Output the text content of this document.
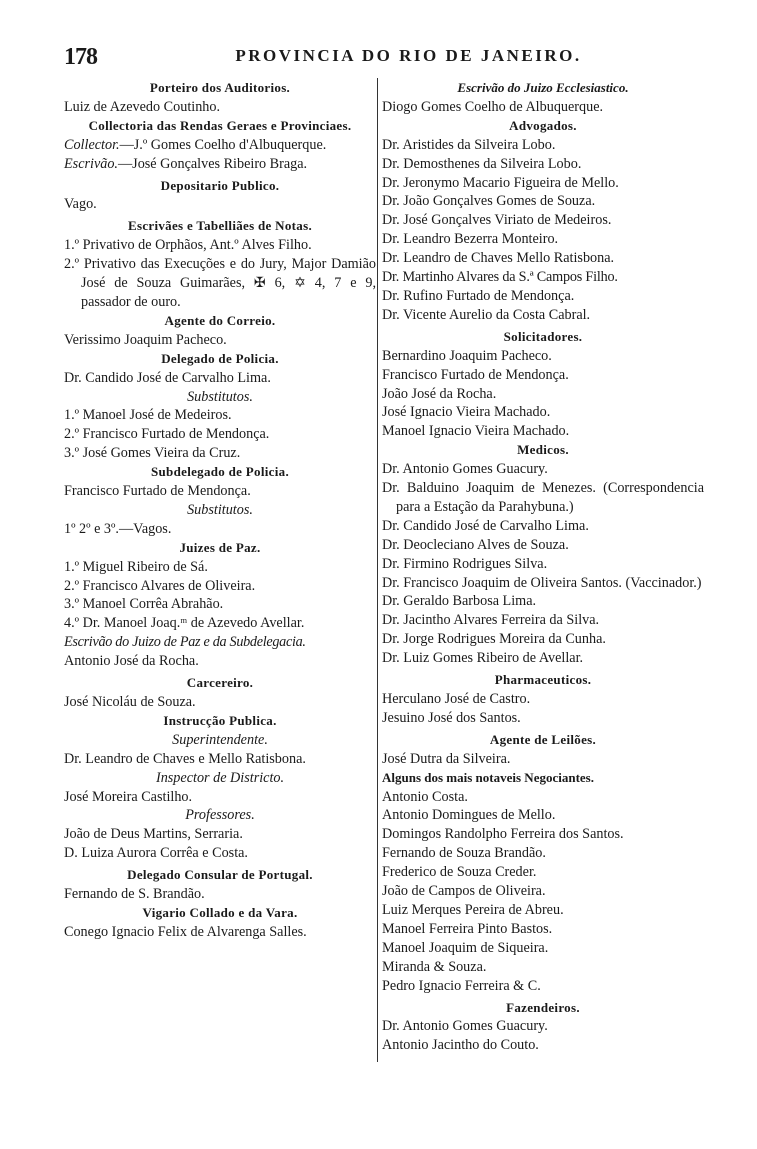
178	PROVINCIA DO RIO DE JANEIRO.
Porteiro dos Auditorios.
Luiz de Azevedo Coutinho.
Collectoria das Rendas Geraes e Provinciaes.
Collector.—J.º Gomes Coelho d'Albuquerque.
Escrivão.—José Gonçalves Ribeiro Braga.
Depositario Publico.
Vago.
Escrivães e Tabelliães de Notas.
1.º Privativo de Orphãos, Ant.º Alves Filho.
2.º Privativo das Execuções e do Jury, Major Damião José de Souza Guimarães, ✠ 6, ✡ 4, 7 e 9, passador de ouro.
Agente do Correio.
Verissimo Joaquim Pacheco.
Delegado de Policia.
Dr. Candido José de Carvalho Lima.
Substitutos.
1.º Manoel José de Medeiros.
2.º Francisco Furtado de Mendonça.
3.º José Gomes Vieira da Cruz.
Subdelegado de Policia.
Francisco Furtado de Mendonça.
Substitutos.
1º 2º e 3º.—Vagos.
Juizes de Paz.
1.º Miguel Ribeiro de Sá.
2.º Francisco Alvares de Oliveira.
3.º Manoel Corrêa Abrahão.
4.º Dr. Manoel Joaq.ᵐ de Azevedo Avellar.
Escrivão do Juizo de Paz e da Subdelegacia.
Antonio José da Rocha.
Carcereiro.
José Nicoláu de Souza.
Instrucção Publica.
Superintendente.
Dr. Leandro de Chaves e Mello Ratisbona.
Inspector de Districto.
José Moreira Castilho.
Professores.
João de Deus Martins, Serraria.
D. Luiza Aurora Corrêa e Costa.
Delegado Consular de Portugal.
Fernando de S. Brandão.
Vigario Collado e da Vara.
Conego Ignacio Felix de Alvarenga Salles.
Escrivão do Juizo Ecclesiastico.
Diogo Gomes Coelho de Albuquerque.
Advogados.
Dr. Aristides da Silveira Lobo.
Dr. Demosthenes da Silveira Lobo.
Dr. Jeronymo Macario Figueira de Mello.
Dr. João Gonçalves Gomes de Souza.
Dr. José Gonçalves Viriato de Medeiros.
Dr. Leandro Bezerra Monteiro.
Dr. Leandro de Chaves Mello Ratisbona.
Dr. Martinho Alvares da S.ª Campos Filho.
Dr. Rufino Furtado de Mendonça.
Dr. Vicente Aurelio da Costa Cabral.
Solicitadores.
Bernardino Joaquim Pacheco.
Francisco Furtado de Mendonça.
João José da Rocha.
José Ignacio Vieira Machado.
Manoel Ignacio Vieira Machado.
Medicos.
Dr. Antonio Gomes Guacury.
Dr. Balduino Joaquim de Menezes. (Correspondencia para a Estação da Parahybuna.)
Dr. Candido José de Carvalho Lima.
Dr. Deocleciano Alves de Souza.
Dr. Firmino Rodrigues Silva.
Dr. Francisco Joaquim de Oliveira Santos. (Vaccinador.)
Dr. Geraldo Barbosa Lima.
Dr. Jacintho Alvares Ferreira da Silva.
Dr. Jorge Rodrigues Moreira da Cunha.
Dr. Luiz Gomes Ribeiro de Avellar.
Pharmaceuticos.
Herculano José de Castro.
Jesuino José dos Santos.
Agente de Leilões.
José Dutra da Silveira.
Alguns dos mais notaveis Negociantes.
Antonio Costa.
Antonio Domingues de Mello.
Domingos Randolpho Ferreira dos Santos.
Fernando de Souza Brandão.
Frederico de Souza Creder.
João de Campos de Oliveira.
Luiz Merques Pereira de Abreu.
Manoel Ferreira Pinto Bastos.
Manoel Joaquim de Siqueira.
Miranda & Souza.
Pedro Ignacio Ferreira & C.
Fazendeiros.
Dr. Antonio Gomes Guacury.
Antonio Jacintho do Couto.
